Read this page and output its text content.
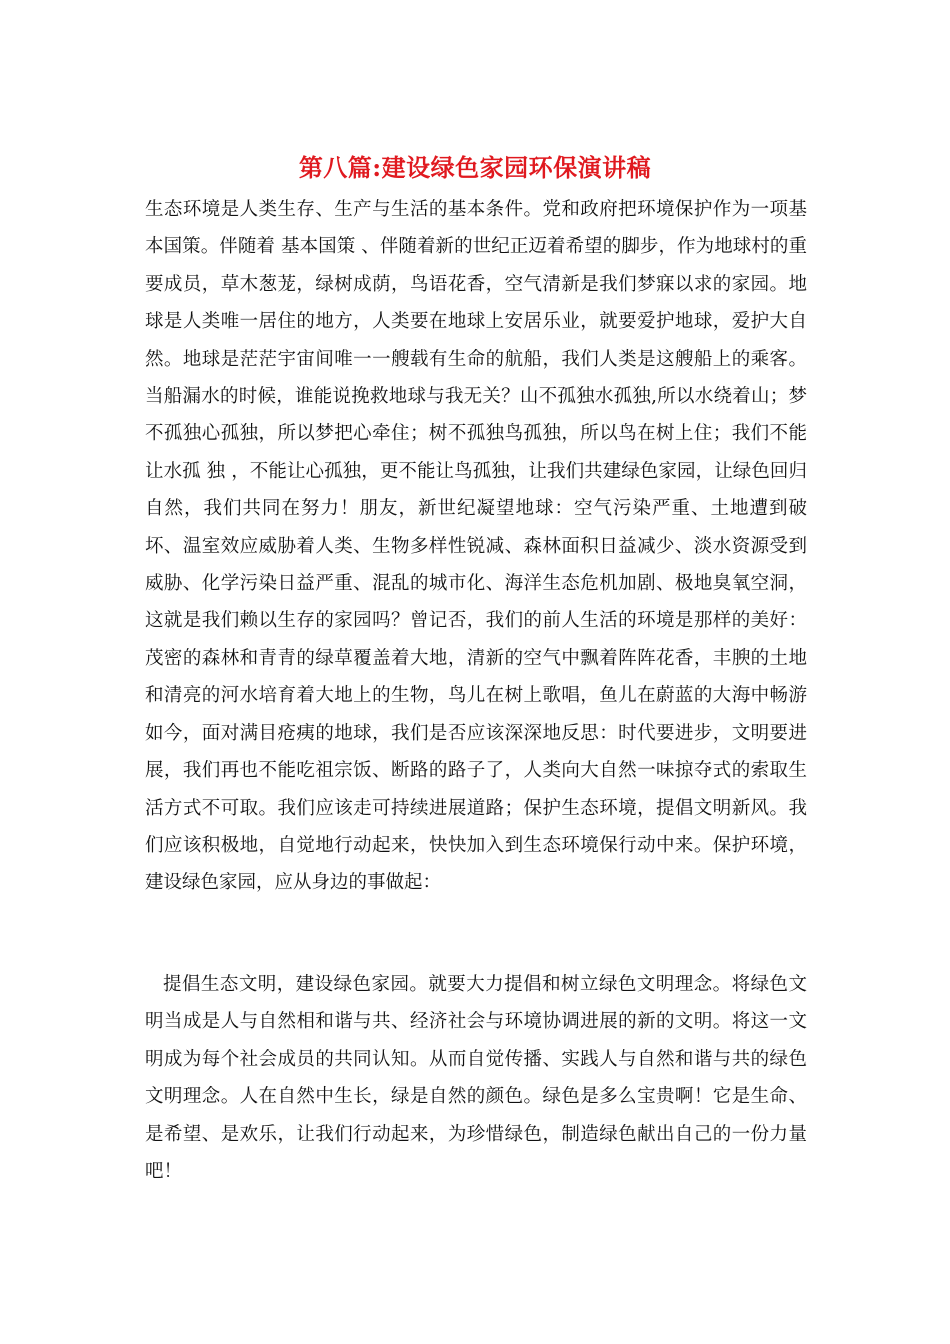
第八篇:建设绿色家园环保演讲稿
生态环境是人类生存、生产与生活的基本条件。党和政府把环境保护作为一项基本国策。伴随着 基本国策 、伴随着新的世纪正迈着希望的脚步，作为地球村的重要成员，草木葱茏，绿树成荫，鸟语花香，空气清新是我们梦寐以求的家园。地球是人类唯一居住的地方，人类要在地球上安居乐业，就要爱护地球，爱护大自然。地球是茫茫宇宙间唯一一艘载有生命的航船，我们人类是这艘船上的乘客。当船漏水的时候，谁能说挽救地球与我无关？山不孤独水孤独,所以水绕着山；梦不孤独心孤独，所以梦把心牵住；树不孤独鸟孤独，所以鸟在树上住；我们不能让水孤 独 ，不能让心孤独，更不能让鸟孤独，让我们共建绿色家园，让绿色回归自然，我们共同在努力！朋友，新世纪凝望地球：空气污染严重、土地遭到破坏、温室效应威胁着人类、生物多样性锐减、森林面积日益减少、淡水资源受到威胁、化学污染日益严重、混乱的城市化、海洋生态危机加剧、极地臭氧空洞，这就是我们赖以生存的家园吗？曾记否，我们的前人生活的环境是那样的美好：茂密的森林和青青的绿草覆盖着大地，清新的空气中飘着阵阵花香，丰腴的土地和清亮的河水培育着大地上的生物，鸟儿在树上歌唱，鱼儿在蔚蓝的大海中畅游 如今，面对满目疮痍的地球，我们是否应该深深地反思：时代要进步，文明要进展，我们再也不能吃祖宗饭、断路的路子了，人类向大自然一味掠夺式的索取生活方式不可取。我们应该走可持续进展道路；保护生态环境，提倡文明新风。我们应该积极地，自觉地行动起来，快快加入到生态环境保行动中来。保护环境，建设绿色家园，应从身边的事做起：
提倡生态文明，建设绿色家园。就要大力提倡和树立绿色文明理念。将绿色文明当成是人与自然相和谐与共、经济社会与环境协调进展的新的文明。将这一文明成为每个社会成员的共同认知。从而自觉传播、实践人与自然和谐与共的绿色文明理念。人在自然中生长，绿是自然的颜色。绿色是多么宝贵啊！它是生命、是希望、是欢乐，让我们行动起来，为珍惜绿色，制造绿色献出自己的一份力量吧！
